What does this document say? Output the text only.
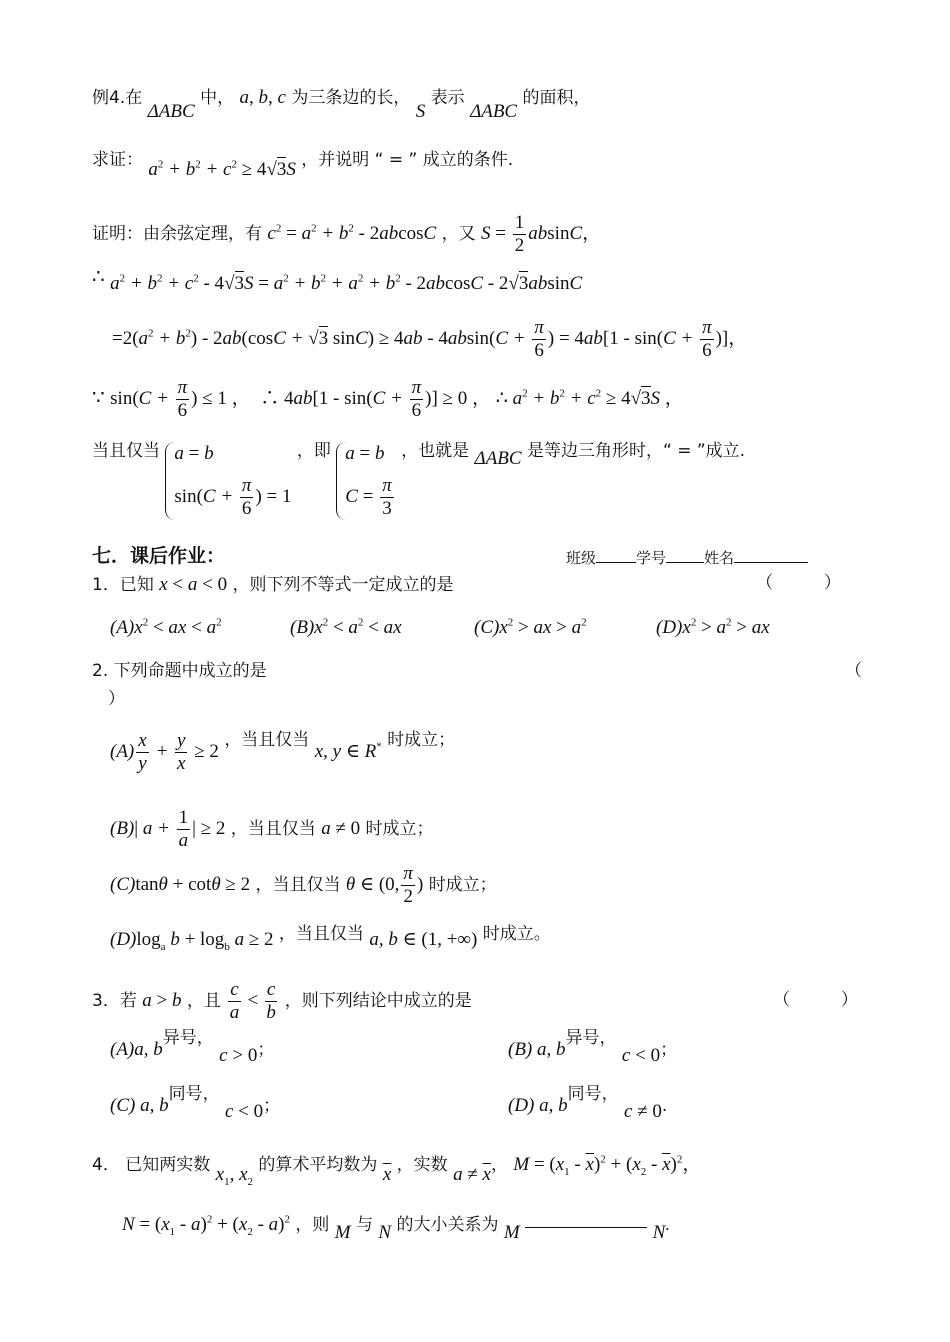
例4.在 ΔABC 中， a, b, c 为三条边的长， S 表示 ΔABC 的面积，
求证： $a^2 + b^2 + c^2 \ge 4√3S$ ，并说明 “ = ” 成立的条件.
证明：由余弦定理，有 $c^2 = a^2 + b^2 - 2abcosC$ ，又 $S = \frac{1}{2}$ absinC，
∴ $a^2 + b^2 + c^2 - 4√3S = a^2 + b^2 + a^2 + b^2 - 2abcosC - 2√3absinC$
$=2(a^2 + b^2) - 2ab(\cos C + √3$ $\sin C) \ge 4ab - 4absin(C + \frac{\pi}{6}$ ) = $4ab[1 - \sin(C + \frac{\pi}{6}$ )]，
∵ $\sin(C + \frac{\pi}{6}$ ) ≤ 1 ，　∴ $4ab[1 - \sin(C + \frac{\pi}{6}$ )] ≥ 0 ， ∴ $a^2 + b^2 + c^2 \ge 4√3S$ ，
当且仅当 a = b
$\sin(C + \frac{\pi}{6}$ ) = 1
，即 a = b
$C = \frac{\pi}{3}$
，也就是 ΔABC 是等边三角形时，“ = ”成立.
七．课后作业：	班级	学号	姓名
1．已知 x < a < 0 ，则下列不等式一定成立的是	（　　　）
$(A)x^2$ < ax < $a^2$	$(B)x^2 < a^2$ < ax	$(C)x^2$ > ax > $a^2$	$(D)x^2 > a^2$ > ax
2. 下列命题中成立的是	（
）
$(A) \frac{x}{y} + \frac{y}{x} \ge 2$ ，当且仅当 x, y ∈ R* 时成立；
(B)| $a + \frac{1}{a}$ | ≥ 2 ，当且仅当 a ≠ 0 时成立；
(C)tanθ + cotθ ≥ 2 ，当且仅当 θ ∈ (0, $\frac{\pi}{2}$ ) 时成立；
$(D)\log_a$ $b + \log_b a \ge 2$ ，当且仅当 a, b ∈ (1, +∞) 时成立。
3．若 a > b ，且 $\frac{c}{a} < \frac{c}{b}$ ，则下列结论中成立的是	（　　　）
(A)a, b异号， c > 0；	(B) a, b异号， c < 0；
(C) a, b同号， c < 0；	(D) a, b同号， c ≠ 0.
4． 已知两实数 $x_1$, $x_2$ 的算术平均数为 $\overline{x}$ ，实数 $a \ne \overline{x}$， $M = (x_1 - \overline{x})^2 + (x_2 - \overline{x})^2$，
$N = (x_1 - a)^2 + (x_2 - a)^2$ ，则 M 与 N 的大小关系为 M	N.
